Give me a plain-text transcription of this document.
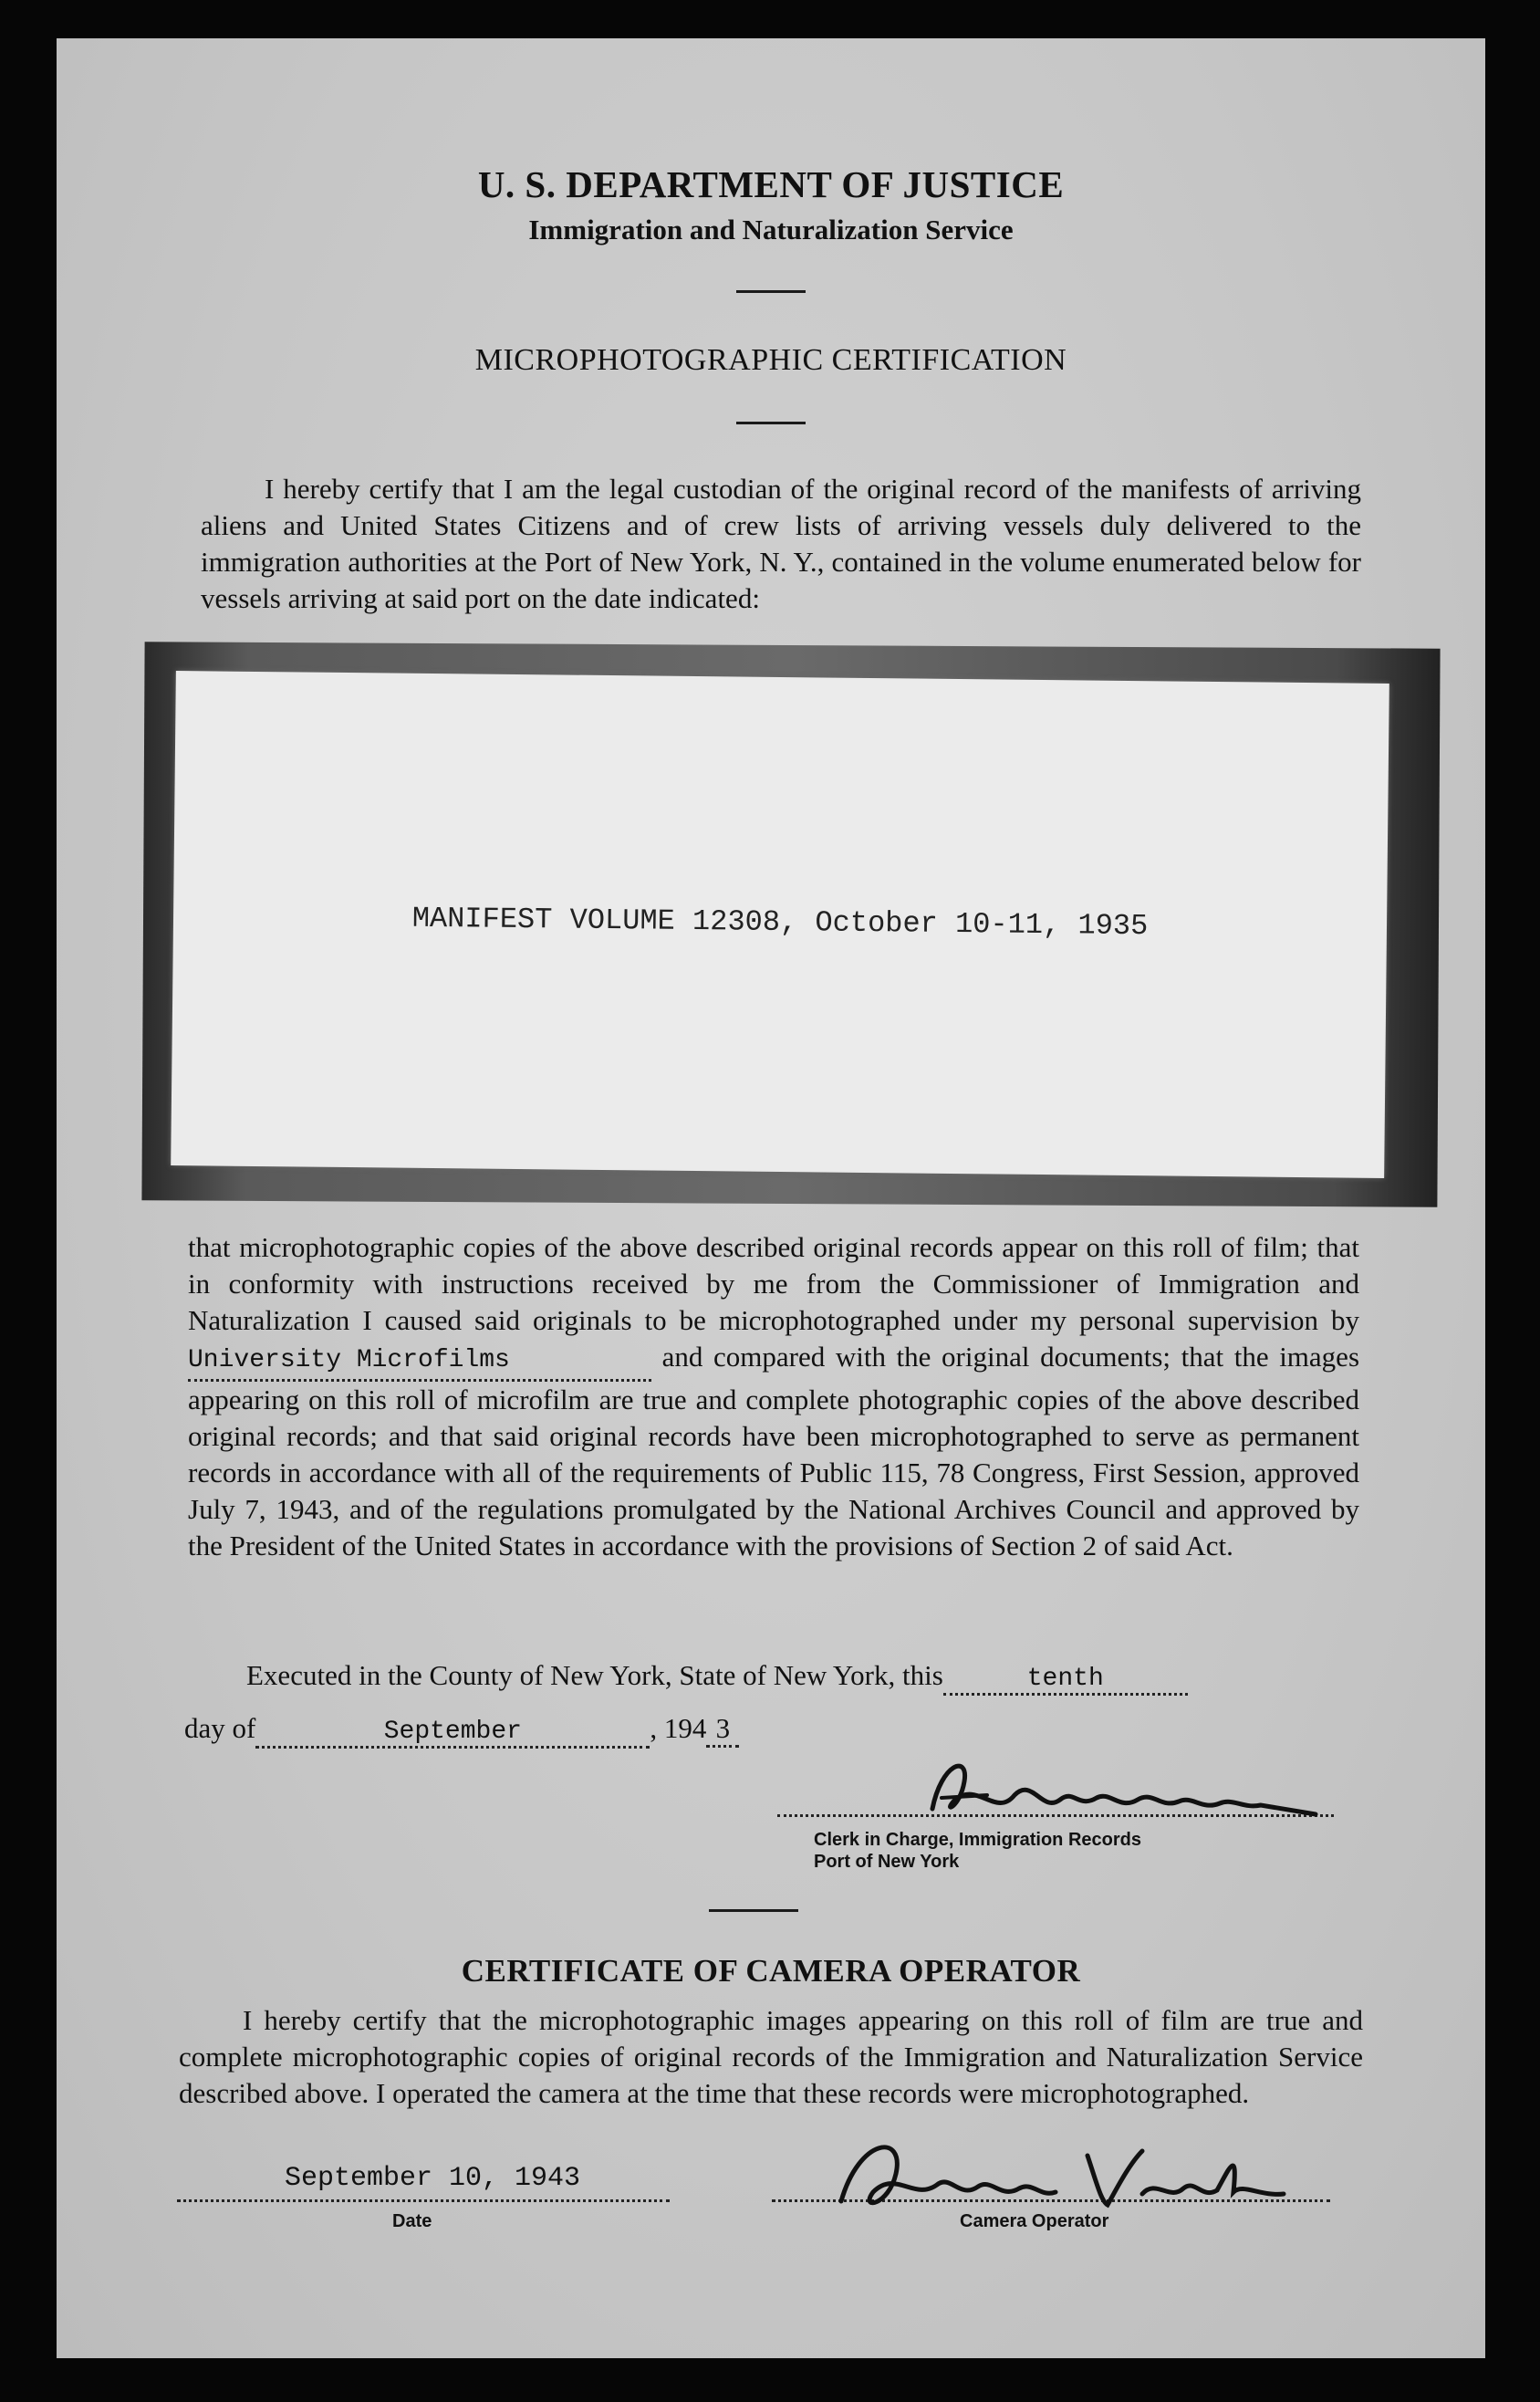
U. S. DEPARTMENT OF JUSTICE
Immigration and Naturalization Service
MICROPHOTOGRAPHIC CERTIFICATION

I hereby certify that I am the legal custodian of the original record of the manifests of arriving aliens and United States Citizens and of crew lists of arriving vessels duly delivered to the immigration authorities at the Port of New York, N. Y., contained in the volume enumerated below for vessels arriving at said port on the date indicated:

MANIFEST VOLUME 12308, October 10-11, 1935

that microphotographic copies of the above described original records appear on this roll of film; that in conformity with instructions received by me from the Commissioner of Immigration and Naturalization I caused said originals to be microphotographed under my personal supervision by University Microfilms	and compared with the original documents; that the images appearing on this roll of microfilm are true and complete photographic copies of the above described original records; and that said original records have been microphotographed to serve as permanent records in accordance with all of the requirements of Public 115, 78 Congress, First Session, approved July 7, 1943, and of the regulations promulgated by the National Archives Council and approved by the President of the United States in accordance with the provisions of Section 2 of said Act.

Executed in the County of New York, State of New York, this	tenth
day of	September	, 194 3
Clerk in Charge, Immigration Records
Port of New York
CERTIFICATE OF CAMERA OPERATOR

I hereby certify that the microphotographic images appearing on this roll of film are true and complete microphotographic copies of original records of the Immigration and Naturalization Service described above. I operated the camera at the time that these records were microphotographed.

September 10, 1943
Date	Camera Operator
